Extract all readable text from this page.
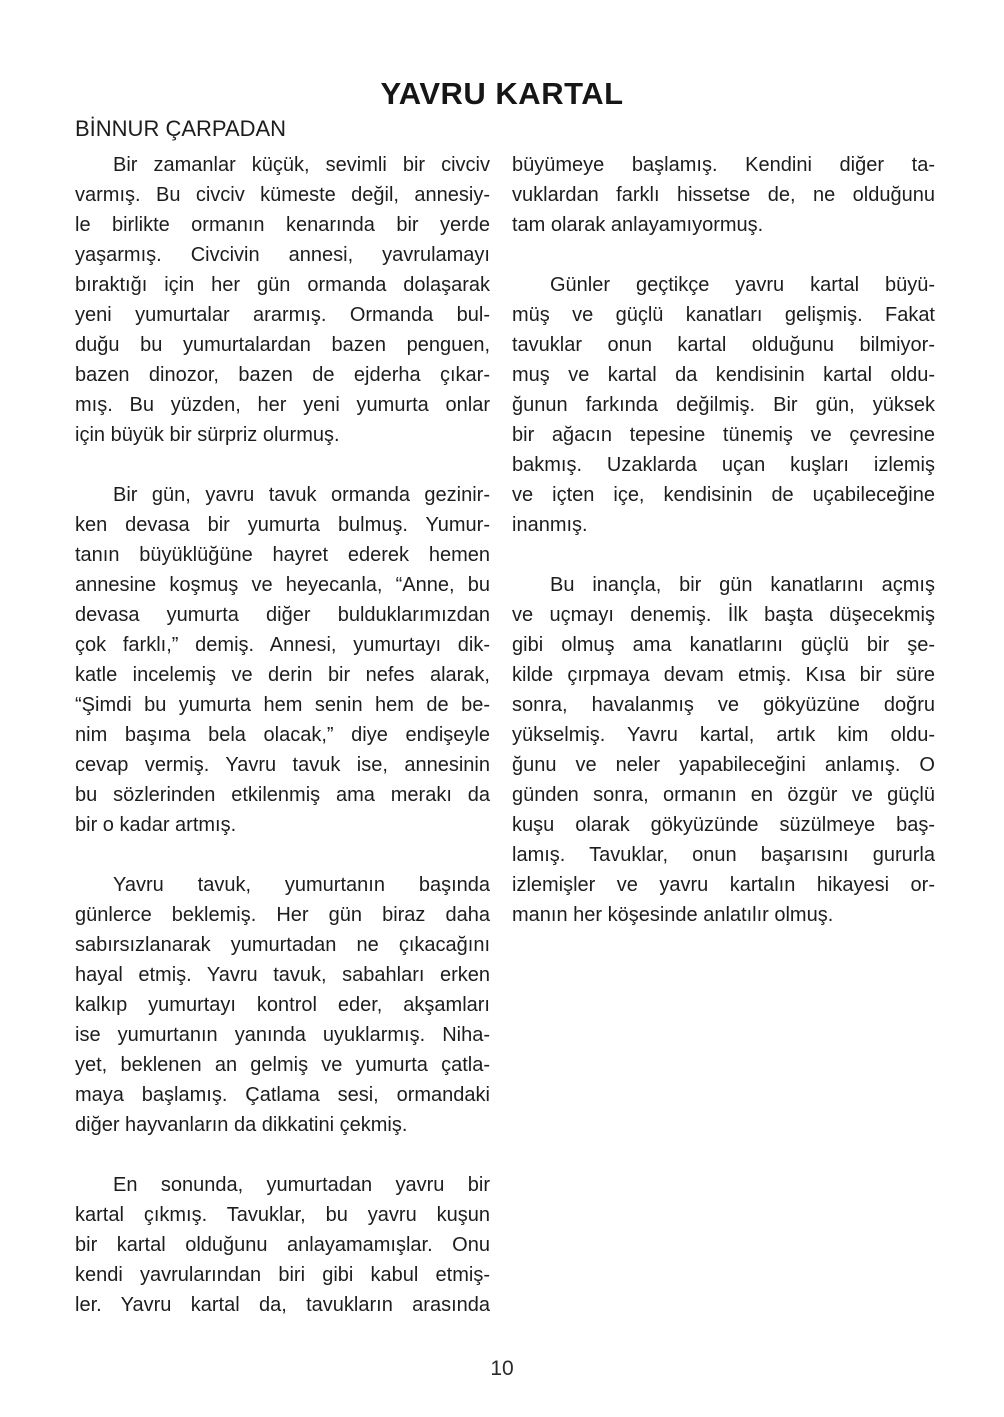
YAVRU KARTAL
BİNNUR ÇARPADAN
Bir zamanlar küçük, sevimli bir civciv
varmış. Bu civciv kümeste değil, annesiy-
le birlikte ormanın kenarında bir yerde
yaşarmış. Civcivin annesi, yavrulamayı
bıraktığı için her gün ormanda dolaşarak
yeni yumurtalar ararmış. Ormanda bul-
duğu bu yumurtalardan bazen penguen,
bazen dinozor, bazen de ejderha çıkar-
mış. Bu yüzden, her yeni yumurta onlar
için büyük bir sürpriz olurmuş.
Bir gün, yavru tavuk ormanda gezinir-
ken devasa bir yumurta bulmuş. Yumur-
tanın büyüklüğüne hayret ederek hemen
annesine koşmuş ve heyecanla, “Anne, bu
devasa yumurta diğer bulduklarımızdan
çok farklı,” demiş. Annesi, yumurtayı dik-
katle incelemiş ve derin bir nefes alarak,
“Şimdi bu yumurta hem senin hem de be-
nim başıma bela olacak,” diye endişeyle
cevap vermiş. Yavru tavuk ise, annesinin
bu sözlerinden etkilenmiş ama merakı da
bir o kadar artmış.
Yavru tavuk, yumurtanın başında
günlerce beklemiş. Her gün biraz daha
sabırsızlanarak yumurtadan ne çıkacağını
hayal etmiş. Yavru tavuk, sabahları erken
kalkıp yumurtayı kontrol eder, akşamları
ise yumurtanın yanında uyuklarmış. Niha-
yet, beklenen an gelmiş ve yumurta çatla-
maya başlamış. Çatlama sesi, ormandaki
diğer hayvanların da dikkatini çekmiş.
En sonunda, yumurtadan yavru bir
kartal çıkmış. Tavuklar, bu yavru kuşun
bir kartal olduğunu anlayamamışlar. Onu
kendi yavrularından biri gibi kabul etmiş-
ler. Yavru kartal da, tavukların arasında
büyümeye başlamış. Kendini diğer ta-
vuklardan farklı hissetse de, ne olduğunu
tam olarak anlayamıyormuş.
Günler geçtikçe yavru kartal büyü-
müş ve güçlü kanatları gelişmiş. Fakat
tavuklar onun kartal olduğunu bilmiyor-
muş ve kartal da kendisinin kartal oldu-
ğunun farkında değilmiş. Bir gün, yüksek
bir ağacın tepesine tünemiş ve çevresine
bakmış. Uzaklarda uçan kuşları izlemiş
ve içten içe, kendisinin de uçabileceğine
inanmış.
Bu inançla, bir gün kanatlarını açmış
ve uçmayı denemiş. İlk başta düşecekmiş
gibi olmuş ama kanatlarını güçlü bir şe-
kilde çırpmaya devam etmiş. Kısa bir süre
sonra, havalanmış ve gökyüzüne doğru
yükselmiş. Yavru kartal, artık kim oldu-
ğunu ve neler yapabileceğini anlamış. O
günden sonra, ormanın en özgür ve güçlü
kuşu olarak gökyüzünde süzülmeye baş-
lamış. Tavuklar, onun başarısını gururla
izlemişler ve yavru kartalın hikayesi or-
manın her köşesinde anlatılır olmuş.
10
